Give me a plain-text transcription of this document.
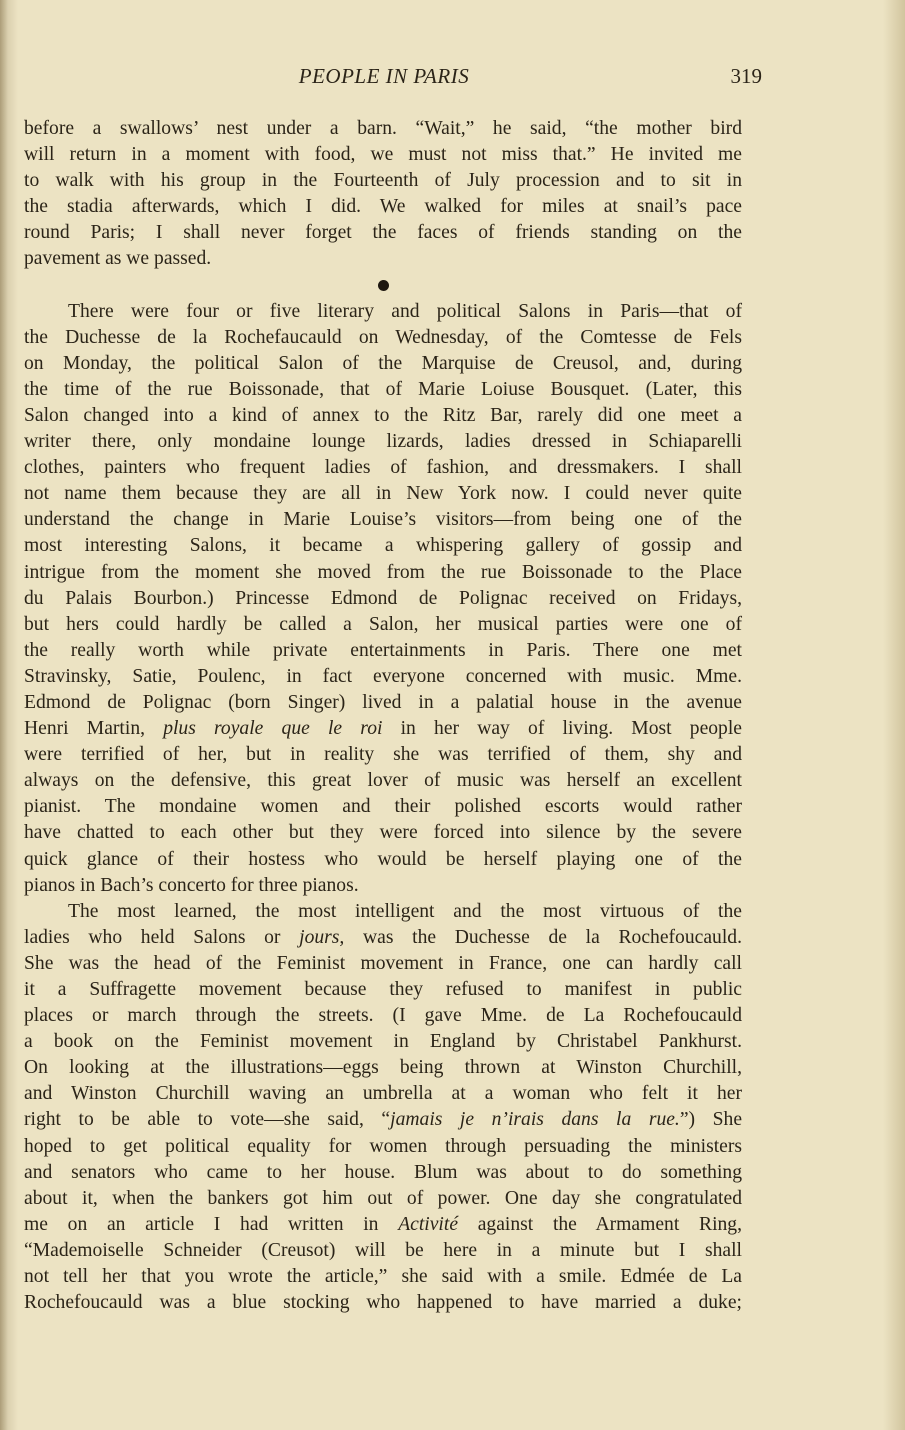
PEOPLE IN PARIS	319
before a swallows’ nest under a barn. “Wait,” he said, “the mother bird
will return in a moment with food, we must not miss that.” He invited me
to walk with his group in the Fourteenth of July procession and to sit in
the stadia afterwards, which I did. We walked for miles at snail’s pace
round Paris; I shall never forget the faces of friends standing on the
pavement as we passed.
There were four or five literary and political Salons in Paris—that of
the Duchesse de la Rochefaucauld on Wednesday, of the Comtesse de Fels
on Monday, the political Salon of the Marquise de Creusol, and, during
the time of the rue Boissonade, that of Marie Loiuse Bousquet. (Later, this
Salon changed into a kind of annex to the Ritz Bar, rarely did one meet a
writer there, only mondaine lounge lizards, ladies dressed in Schiaparelli
clothes, painters who frequent ladies of fashion, and dressmakers. I shall
not name them because they are all in New York now. I could never quite
understand the change in Marie Louise’s visitors—from being one of the
most interesting Salons, it became a whispering gallery of gossip and
intrigue from the moment she moved from the rue Boissonade to the Place
du Palais Bourbon.) Princesse Edmond de Polignac received on Fridays,
but hers could hardly be called a Salon, her musical parties were one of
the really worth while private entertainments in Paris. There one met
Stravinsky, Satie, Poulenc, in fact everyone concerned with music. Mme.
Edmond de Polignac (born Singer) lived in a palatial house in the avenue
Henri Martin, plus royale que le roi in her way of living. Most people
were terrified of her, but in reality she was terrified of them, shy and
always on the defensive, this great lover of music was herself an excellent
pianist. The mondaine women and their polished escorts would rather
have chatted to each other but they were forced into silence by the severe
quick glance of their hostess who would be herself playing one of the
pianos in Bach’s concerto for three pianos.
The most learned, the most intelligent and the most virtuous of the
ladies who held Salons or jours, was the Duchesse de la Rochefoucauld.
She was the head of the Feminist movement in France, one can hardly call
it a Suffragette movement because they refused to manifest in public
places or march through the streets. (I gave Mme. de La Rochefoucauld
a book on the Feminist movement in England by Christabel Pankhurst.
On looking at the illustrations—eggs being thrown at Winston Churchill,
and Winston Churchill waving an umbrella at a woman who felt it her
right to be able to vote—she said, “jamais je n’irais dans la rue.”) She
hoped to get political equality for women through persuading the ministers
and senators who came to her house. Blum was about to do something
about it, when the bankers got him out of power. One day she congratulated
me on an article I had written in Activité against the Armament Ring,
“Mademoiselle Schneider (Creusot) will be here in a minute but I shall
not tell her that you wrote the article,” she said with a smile. Edmée de La
Rochefoucauld was a blue stocking who happened to have married a duke;
